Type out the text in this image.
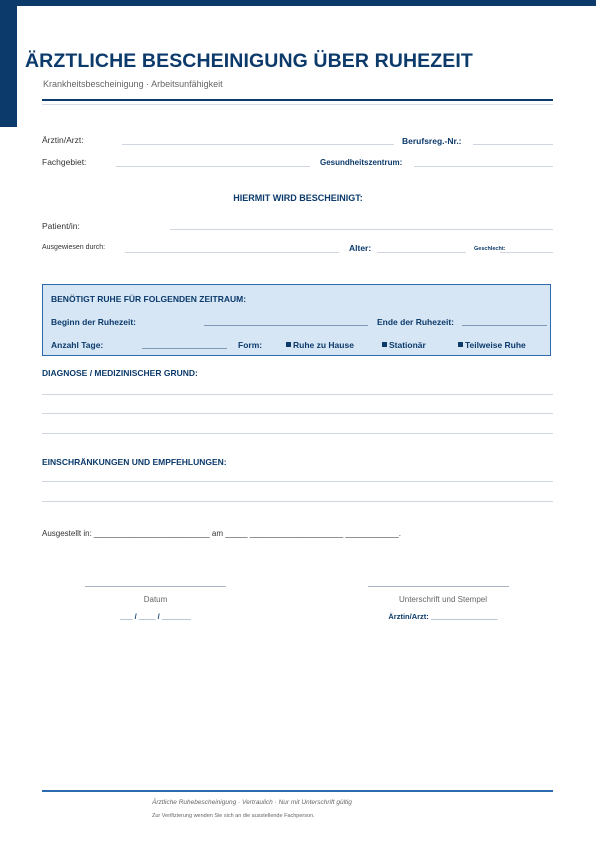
ÄRZTLICHE BESCHEINIGUNG ÜBER RUHEZEIT
Krankheitsbescheinigung · Arbeitsunfähigkeit
Ärztin/Arzt:	Berufsreg.-Nr.:
Fachgebiet:	Gesundheitszentrum:
HIERMIT WIRD BESCHEINIGT:
Patient/in:
Ausgewiesen durch:	Alter:	Geschlecht:
BENÖTIGT RUHE FÜR FOLGENDEN ZEITRAUM:
Beginn der Ruhezeit:	Ende der Ruhezeit:
Anzahl Tage:	Form:	Ruhe zu Hause	Stationär	Teilweise Ruhe
DIAGNOSE / MEDIZINISCHER GRUND:
EINSCHRÄNKUNGEN UND EMPFEHLUNGEN:
Ausgestellt in: __________________________ am _____ _____________________ ____________.
Datum
___ / ____ / _______
Unterschrift und Stempel
Ärztin/Arzt: ________________
Ärztliche Ruhebescheinigung · Vertraulich · Nur mit Unterschrift gültig
Zur Verifizierung wenden Sie sich an die ausstellende Fachperson.
